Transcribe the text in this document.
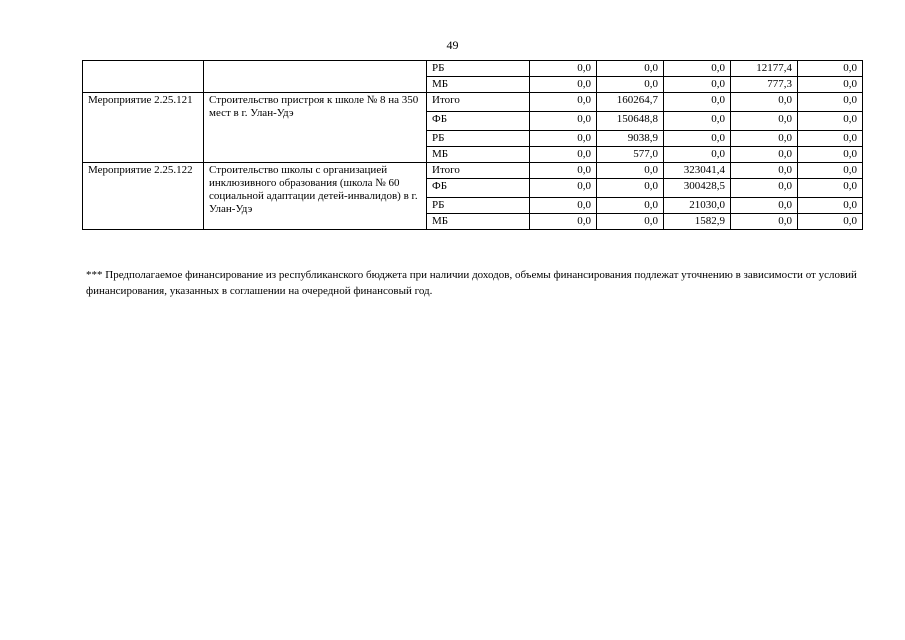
49
		РБ	0,0	0,0	0,0	12177,4	0,0
		МБ	0,0	0,0	0,0	777,3	0,0
Мероприятие 2.25.121	Строительство пристроя к школе № 8 на 350 мест в г. Улан-Удэ	Итого	0,0	160264,7	0,0	0,0	0,0
		ФБ	0,0	150648,8	0,0	0,0	0,0
		РБ	0,0	9038,9	0,0	0,0	0,0
		МБ	0,0	577,0	0,0	0,0	0,0
Мероприятие 2.25.122	Строительство школы с организацией инклюзивного образования (школа № 60 социальной адаптации детей-инвалидов) в г. Улан-Удэ	Итого	0,0	0,0	323041,4	0,0	0,0
		ФБ	0,0	0,0	300428,5	0,0	0,0
		РБ	0,0	0,0	21030,0	0,0	0,0
		МБ	0,0	0,0	1582,9	0,0	0,0
*** Предполагаемое финансирование из республиканского бюджета при наличии доходов, объемы финансирования подлежат уточнению в зависимости от условий финансирования, указанных в соглашении на очередной финансовый год.
